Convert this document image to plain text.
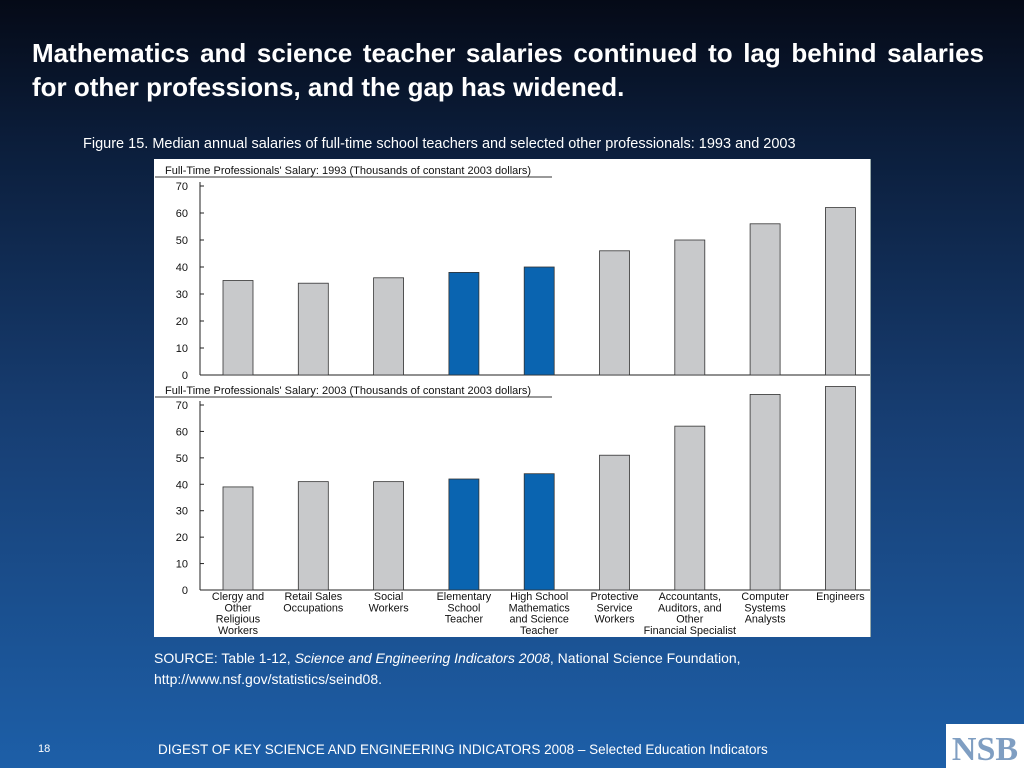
Mathematics and science teacher salaries continued to lag behind salaries for other professions, and the gap has widened.
Figure 15. Median annual salaries of full-time school teachers and selected other professionals: 1993 and 2003
Full-Time Professionals' Salary: 1993 (Thousands of constant 2003 dollars)
0
10
20
30
40
50
60
70
Full-Time Professionals' Salary: 2003 (Thousands of constant 2003 dollars)
0
10
20
30
40
50
60
70
Clergy and
Other
Religious
Workers
Retail Sales
Occupations
Social
Workers
Elementary
School
Teacher
High School
Mathematics
and Science
Teacher
Protective
Service
Workers
Accountants,
Auditors, and
Other
Financial Specialist
Computer
Systems
Analysts
Engineers
SOURCE: Table 1-12, Science and Engineering Indicators 2008, National Science Foundation, http://www.nsf.gov/statistics/seind08.
18	DIGEST OF KEY SCIENCE AND ENGINEERING INDICATORS 2008 – Selected Education Indicators	NSB
